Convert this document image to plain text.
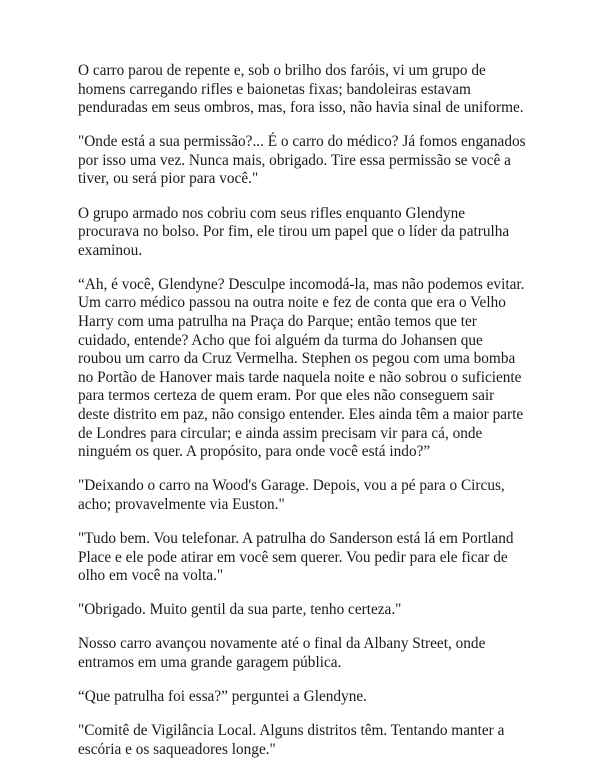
O carro parou de repente e, sob o brilho dos faróis, vi um grupo de homens carregando rifles e baionetas fixas; bandoleiras estavam penduradas em seus ombros, mas, fora isso, não havia sinal de uniforme.

"Onde está a sua permissão?... É o carro do médico? Já fomos enganados por isso uma vez. Nunca mais, obrigado. Tire essa permissão se você a tiver, ou será pior para você."

O grupo armado nos cobriu com seus rifles enquanto Glendyne procurava no bolso. Por fim, ele tirou um papel que o líder da patrulha examinou.

“Ah, é você, Glendyne? Desculpe incomodá-la, mas não podemos evitar. Um carro médico passou na outra noite e fez de conta que era o Velho Harry com uma patrulha na Praça do Parque; então temos que ter cuidado, entende? Acho que foi alguém da turma do Johansen que roubou um carro da Cruz Vermelha. Stephen os pegou com uma bomba no Portão de Hanover mais tarde naquela noite e não sobrou o suficiente para termos certeza de quem eram. Por que eles não conseguem sair deste distrito em paz, não consigo entender. Eles ainda têm a maior parte de Londres para circular; e ainda assim precisam vir para cá, onde ninguém os quer. A propósito, para onde você está indo?”

"Deixando o carro na Wood's Garage. Depois, vou a pé para o Circus, acho; provavelmente via Euston."

"Tudo bem. Vou telefonar. A patrulha do Sanderson está lá em Portland Place e ele pode atirar em você sem querer. Vou pedir para ele ficar de olho em você na volta."

"Obrigado. Muito gentil da sua parte, tenho certeza."

Nosso carro avançou novamente até o final da Albany Street, onde entramos em uma grande garagem pública.

“Que patrulha foi essa?” perguntei a Glendyne.

"Comitê de Vigilância Local. Alguns distritos têm. Tentando manter a escória e os saqueadores longe."
